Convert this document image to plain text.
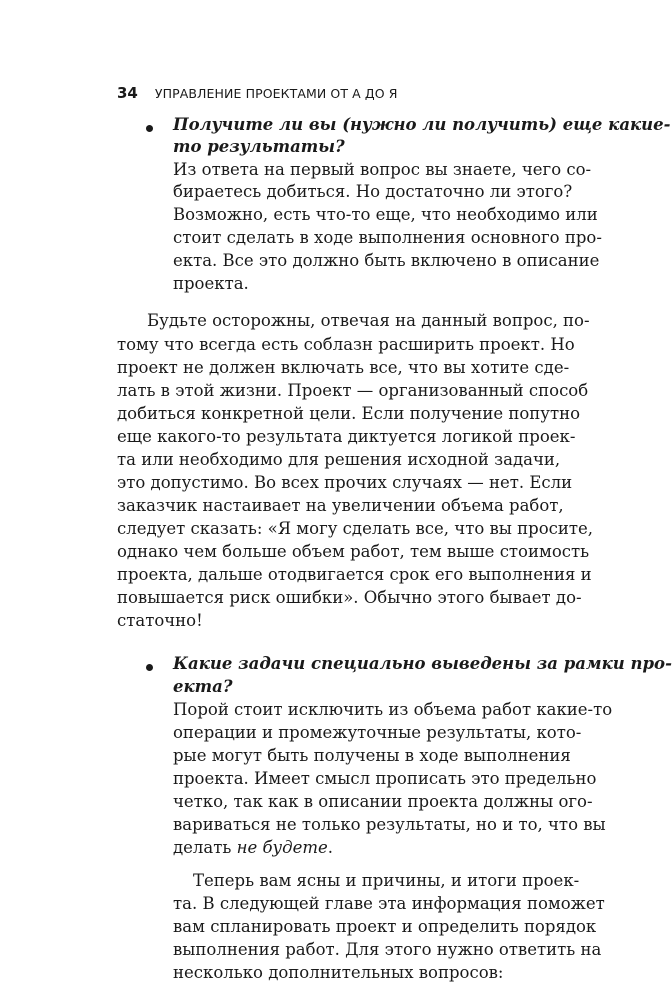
34 УПРАВЛЕНИЕ ПРОЕКТАМИ ОТ А ДО Я

Получите ли вы (нужно ли получить) еще какие-

то результаты?

Из ответа на первый вопрос вы знаете, чего со-

бираетесь добиться. Но достаточно ли этого?

Возможно, есть что-то еще, что необходимо или

стоит сделать в ходе выполнения основного про-

екта. Все это должно быть включено в описание

проекта.

Будьте осторожны, отвечая на данный вопрос, по-

тому что всегда есть соблазн расширить проект. Но

проект не должен включать все, что вы хотите сде-

лать в этой жизни. Проект — организованный способ

добиться конкретной цели. Если получение попутно

еще какого-то результата диктуется логикой проек-

та или необходимо для решения исходной задачи,

это допустимо. Во всех прочих случаях — нет. Если

заказчик настаивает на увеличении объема работ,

следует сказать: «Я могу сделать все, что вы просите,

однако чем больше объем работ, тем выше стоимость

проекта, дальше отодвигается срок его выполнения и

повышается риск ошибки». Обычно этого бывает до-

статочно!

Какие задачи специально выведены за рамки про-

екта?

Порой стоит исключить из объема работ какие-то

операции и промежуточные результаты, кото-

рые могут быть получены в ходе выполнения

проекта. Имеет смысл прописать это предельно

четко, так как в описании проекта должны ого-

вариваться не только результаты, но и то, что вы

делать не будете.

Теперь вам ясны и причины, и итоги проек-

та. В следующей главе эта информация поможет

вам спланировать проект и определить порядок

выполнения работ. Для этого нужно ответить на

несколько дополнительных вопросов:
